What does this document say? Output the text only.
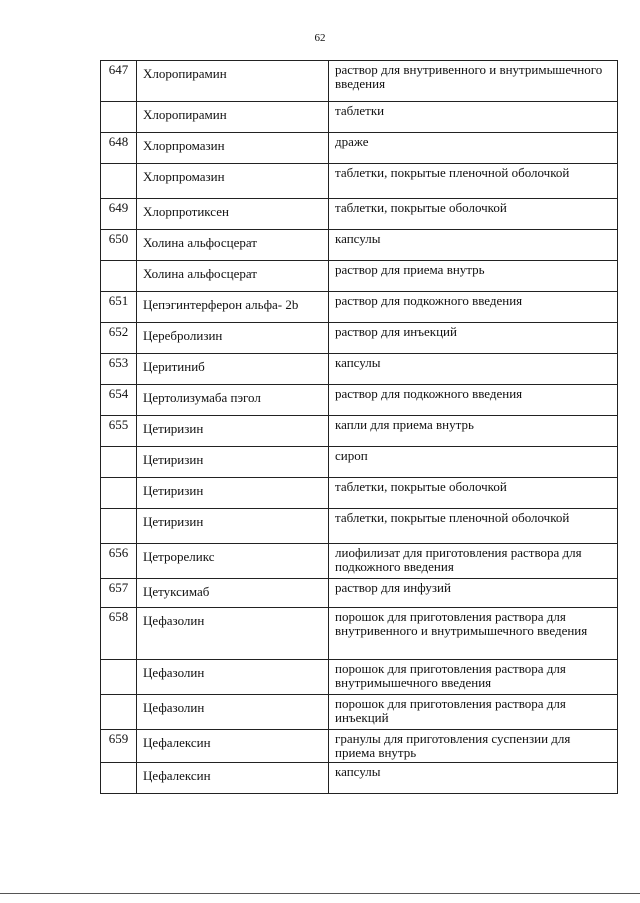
62
647	Хлоропирамин	раствор для внутривенного и внутримышечного введения

	Хлоропирамин	таблетки
648	Хлорпромазин	драже

	Хлорпромазин	таблетки, покрытые пленочной оболочкой
649	Хлорпротиксен	таблетки, покрытые оболочкой
650	Холина альфосцерат	капсулы

	Холина альфосцерат	раствор для приема внутрь
651	Цепэгинтерферон альфа- 2b	раствор для подкожного введения
652	Церебролизин	раствор для инъекций
653	Церитиниб	капсулы
654	Цертолизумаба пэгол	раствор для подкожного введения
655	Цетиризин	капли для приема внутрь

	Цетиризин	сироп

	Цетиризин	таблетки, покрытые оболочкой

	Цетиризин	таблетки, покрытые пленочной оболочкой
656	Цетрореликс	лиофилизат для приготовления раствора для подкожного введения
657	Цетуксимаб	раствор для инфузий
658	Цефазолин	порошок для приготовления раствора для внутривенного и внутримышечного введения

	Цефазолин	порошок для приготовления раствора для внутримышечного введения

	Цефазолин	порошок для приготовления раствора для инъекций
659	Цефалексин	гранулы для приготовления суспензии для приема внутрь

	Цефалексин	капсулы
